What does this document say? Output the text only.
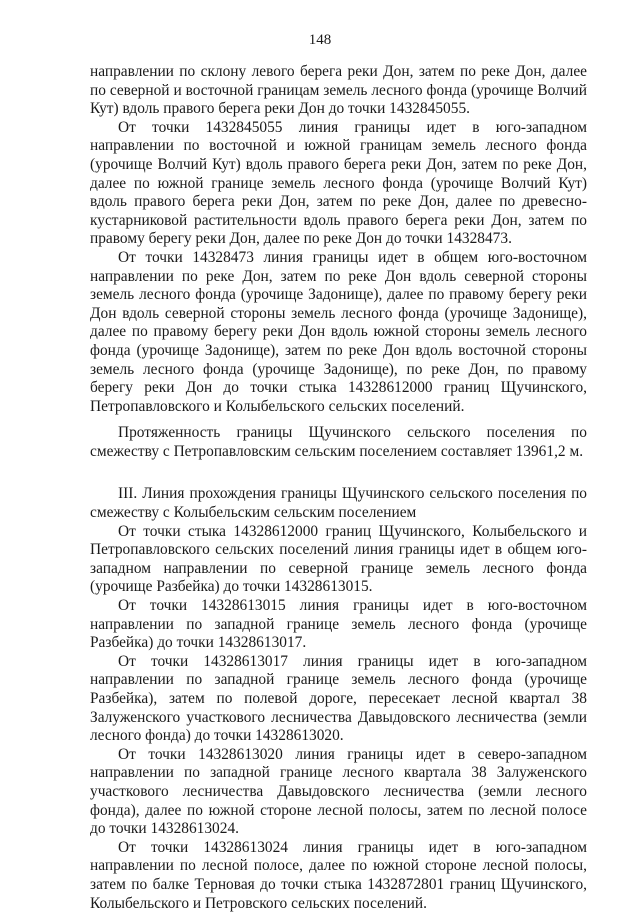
148

направлении по склону левого берега реки Дон, затем по реке Дон, далее по северной и восточной границам земель лесного фонда (урочище Волчий Кут) вдоль правого берега реки Дон до точки 1432845055.

От точки 1432845055 линия границы идет в юго-западном направлении по восточной и южной границам земель лесного фонда (урочище Волчий Кут) вдоль правого берега реки Дон, затем по реке Дон, далее по южной границе земель лесного фонда (урочище Волчий Кут) вдоль правого берега реки Дон, затем по реке Дон, далее по древесно-кустарниковой растительности вдоль правого берега реки Дон, затем по правому берегу реки Дон, далее по реке Дон до точки 14328473.

От точки 14328473 линия границы идет в общем юго-восточном направлении по реке Дон, затем по реке Дон вдоль северной стороны земель лесного фонда (урочище Задонище), далее по правому берегу реки Дон вдоль северной стороны земель лесного фонда (урочище Задонище), далее по правому берегу реки Дон вдоль южной стороны земель лесного фонда (урочище Задонище), затем по реке Дон вдоль восточной стороны земель лесного фонда (урочище Задонище), по реке Дон, по правому берегу реки Дон до точки стыка 14328612000 границ Щучинского, Петропавловского и Колыбельского сельских поселений.

Протяженность границы Щучинского сельского поселения по смежеству с Петропавловским сельским поселением составляет 13961,2 м.

III. Линия прохождения границы Щучинского сельского поселения по смежеству с Колыбельским сельским поселением

От точки стыка 14328612000 границ Щучинского, Колыбельского и Петропавловского сельских поселений линия границы идет в общем юго-западном направлении по северной границе земель лесного фонда (урочище Разбейка) до точки 14328613015.

От точки 14328613015 линия границы идет в юго-восточном направлении по западной границе земель лесного фонда (урочище Разбейка) до точки 14328613017.

От точки 14328613017 линия границы идет в юго-западном направлении по западной границе земель лесного фонда (урочище Разбейка), затем по полевой дороге, пересекает лесной квартал 38 Залуженского участкового лесничества Давыдовского лесничества (земли лесного фонда) до точки 14328613020.

От точки 14328613020 линия границы идет в северо-западном направлении по западной границе лесного квартала 38 Залуженского участкового лесничества Давыдовского лесничества (земли лесного фонда), далее по южной стороне лесной полосы, затем по лесной полосе до точки 14328613024.

От точки 14328613024 линия границы идет в юго-западном направлении по лесной полосе, далее по южной стороне лесной полосы, затем по балке Терновая до точки стыка 1432872801 границ Щучинского, Колыбельского и Петровского сельских поселений.
